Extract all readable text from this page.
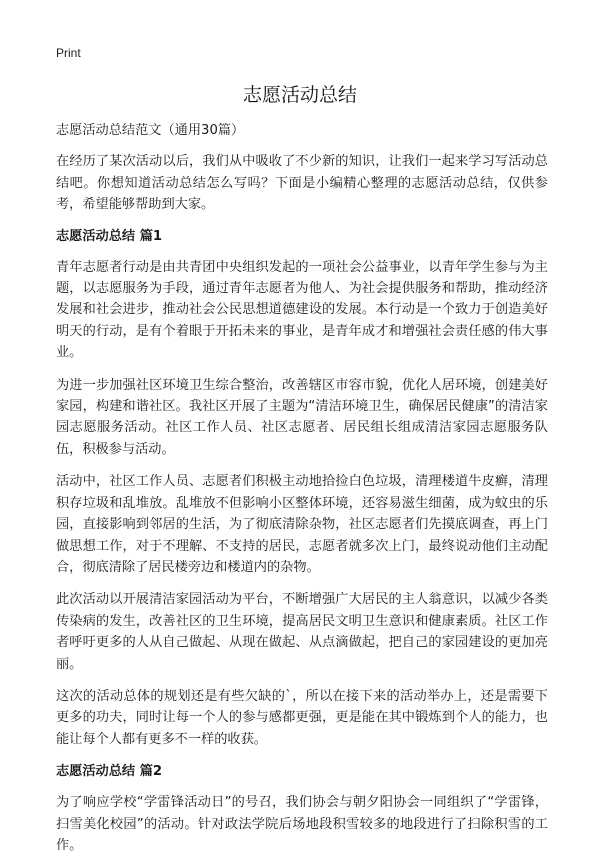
Print
志愿活动总结

志愿活动总结范文（通用30篇）

在经历了某次活动以后，我们从中吸收了不少新的知识，让我们一起来学习写活动总结吧。你想知道活动总结怎么写吗？下面是小编精心整理的志愿活动总结，仅供参考，希望能够帮助到大家。

志愿活动总结 篇1

青年志愿者行动是由共青团中央组织发起的一项社会公益事业，以青年学生参与为主题，以志愿服务为手段，通过青年志愿者为他人、为社会提供服务和帮助，推动经济发展和社会进步，推动社会公民思想道德建设的发展。本行动是一个致力于创造美好明天的行动，是有个着眼于开拓未来的事业，是青年成才和增强社会责任感的伟大事业。

为进一步加强社区环境卫生综合整治，改善辖区市容市貌，优化人居环境，创建美好家园，构建和谐社区。我社区开展了主题为“清洁环境卫生，确保居民健康”的清洁家园志愿服务活动。社区工作人员、社区志愿者、居民组长组成清洁家园志愿服务队伍，积极参与活动。

活动中，社区工作人员、志愿者们积极主动地拾捡白色垃圾，清理楼道牛皮癣，清理积存垃圾和乱堆放。乱堆放不但影响小区整体环境，还容易滋生细菌，成为蚊虫的乐园，直接影响到邻居的生活，为了彻底清除杂物，社区志愿者们先摸底调查，再上门做思想工作，对于不理解、不支持的居民，志愿者就多次上门，最终说动他们主动配合，彻底清除了居民楼旁边和楼道内的杂物。

此次活动以开展清洁家园活动为平台，不断增强广大居民的主人翁意识，以减少各类传染病的发生，改善社区的卫生环境，提高居民文明卫生意识和健康素质。社区工作者呼吁更多的人从自己做起、从现在做起、从点滴做起，把自己的家园建设的更加亮丽。

这次的活动总体的规划还是有些欠缺的`，所以在接下来的活动举办上，还是需要下更多的功夫，同时让每一个人的参与感都更强，更是能在其中锻炼到个人的能力，也能让每个人都有更多不一样的收获。

志愿活动总结 篇2

为了响应学校“学雷锋活动日”的号召，我们协会与朝夕阳协会一同组织了“学雷锋，扫雪美化校园”的活动。针对政法学院后场地段积雪较多的地段进行了扫除积雪的工作。
